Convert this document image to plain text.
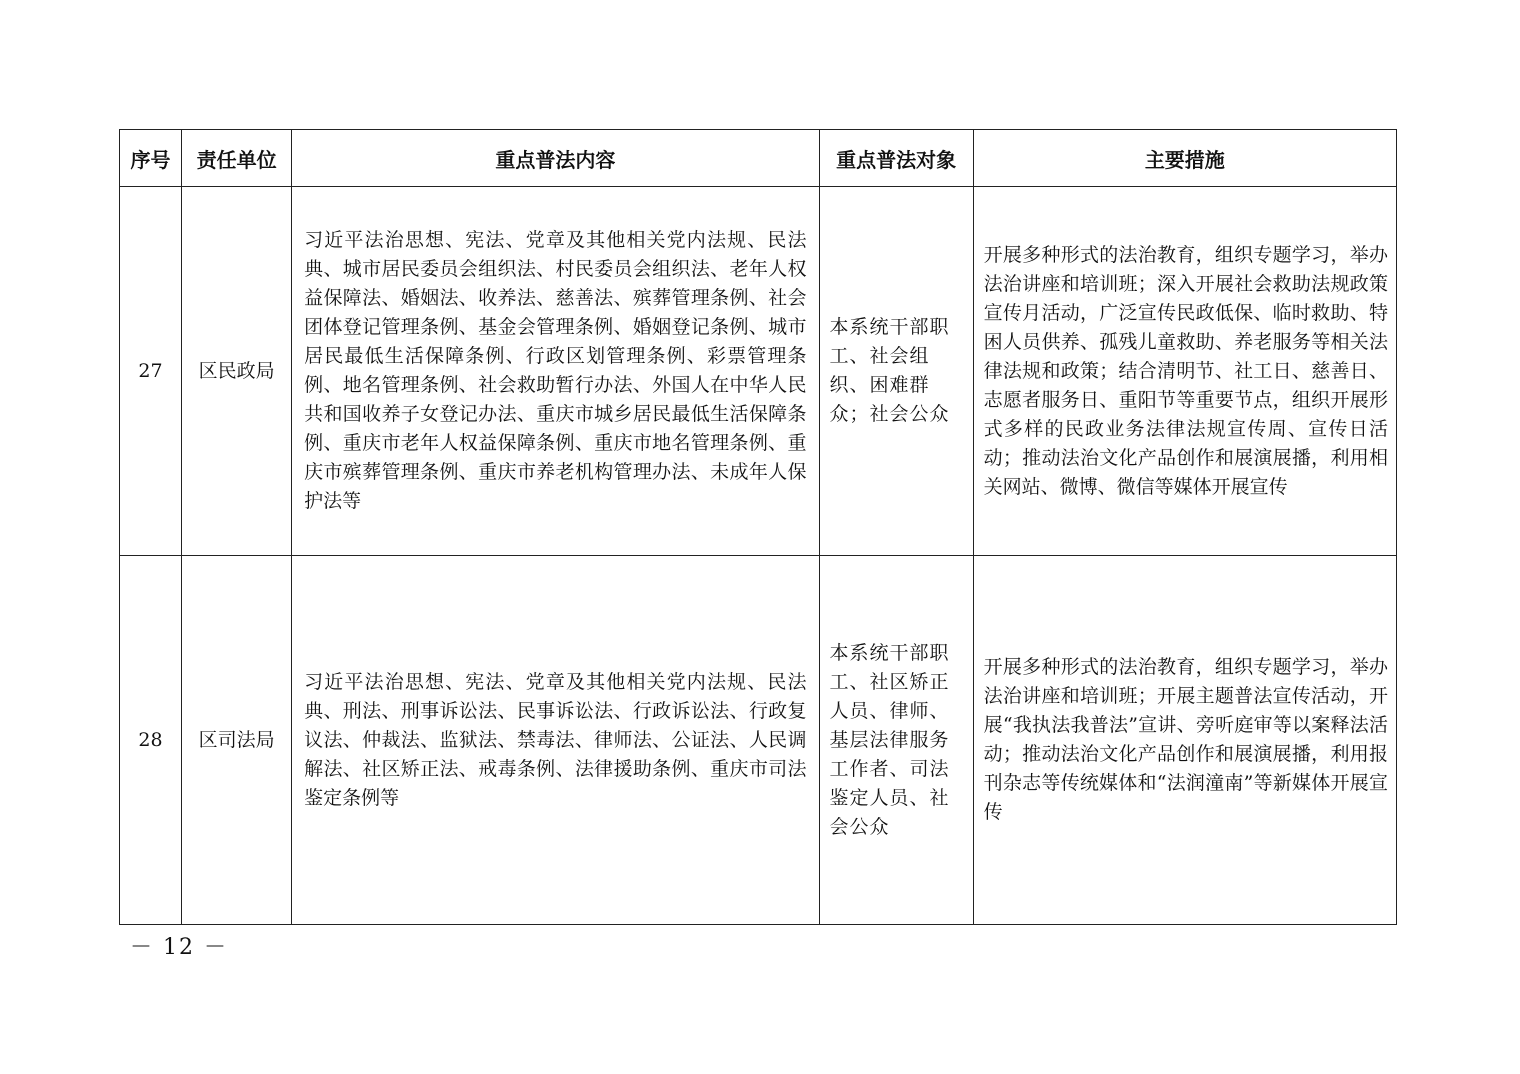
序号	责任单位	重点普法内容	重点普法对象	主要措施
27	区民政局	习近平法治思想、宪法、党章及其他相关党内法规、民法典、城市居民委员会组织法、村民委员会组织法、老年人权益保障法、婚姻法、收养法、慈善法、殡葬管理条例、社会团体登记管理条例、基金会管理条例、婚姻登记条例、城市居民最低生活保障条例、行政区划管理条例、彩票管理条例、地名管理条例、社会救助暂行办法、外国人在中华人民共和国收养子女登记办法、重庆市城乡居民最低生活保障条例、重庆市老年人权益保障条例、重庆市地名管理条例、重庆市殡葬管理条例、重庆市养老机构管理办法、未成年人保护法等	本系统干部职工、社会组织、困难群众；社会公众	开展多种形式的法治教育，组织专题学习，举办法治讲座和培训班；深入开展社会救助法规政策宣传月活动，广泛宣传民政低保、临时救助、特困人员供养、孤残儿童救助、养老服务等相关法律法规和政策；结合清明节、社工日、慈善日、志愿者服务日、重阳节等重要节点，组织开展形式多样的民政业务法律法规宣传周、宣传日活动；推动法治文化产品创作和展演展播，利用相关网站、微博、微信等媒体开展宣传
28	区司法局	习近平法治思想、宪法、党章及其他相关党内法规、民法典、刑法、刑事诉讼法、民事诉讼法、行政诉讼法、行政复议法、仲裁法、监狱法、禁毒法、律师法、公证法、人民调解法、社区矫正法、戒毒条例、法律援助条例、重庆市司法鉴定条例等	本系统干部职工、社区矫正人员、律师、基层法律服务工作者、司法鉴定人员、社会公众	开展多种形式的法治教育，组织专题学习，举办法治讲座和培训班；开展主题普法宣传活动，开展“我执法我普法”宣讲、旁听庭审等以案释法活动；推动法治文化产品创作和展演展播，利用报刊杂志等传统媒体和“法润潼南”等新媒体开展宣传
－ 12 －
